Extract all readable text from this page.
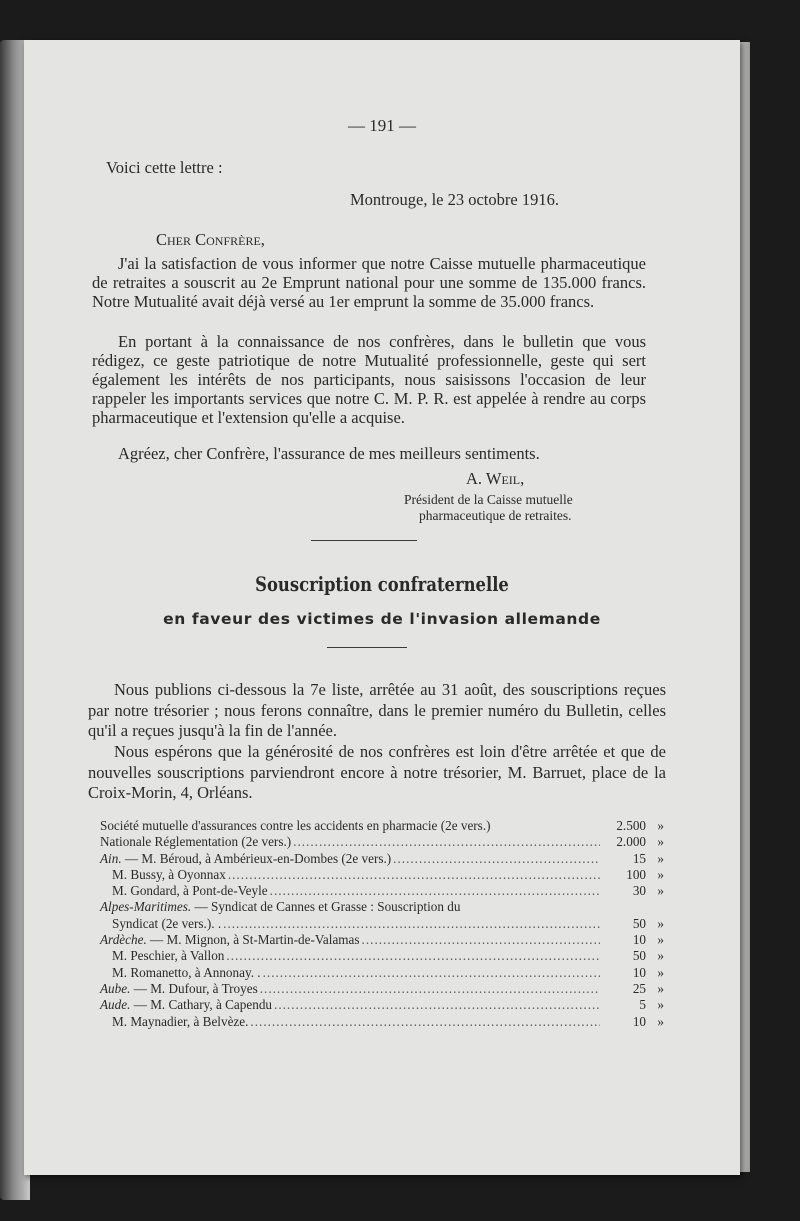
— 191 —
Voici cette lettre :
Montrouge, le 23 octobre 1916.
Cher Confrère,
J'ai la satisfaction de vous informer que notre Caisse mutuelle pharmaceutique de retraites a souscrit au 2e Emprunt national pour une somme de 135.000 francs. Notre Mutualité avait déjà versé au 1er emprunt la somme de 35.000 francs.
En portant à la connaissance de nos confrères, dans le bulletin que vous rédigez, ce geste patriotique de notre Mutualité professionnelle, geste qui sert également les intérêts de nos participants, nous saisissons l'occasion de leur rappeler les importants services que notre C. M. P. R. est appelée à rendre au corps pharmaceutique et l'extension qu'elle a acquise.
Agréez, cher Confrère, l'assurance de mes meilleurs sentiments.
A. Weil,
Président de la Caisse mutuelle
pharmaceutique de retraites.
Souscription confraternelle
en faveur des victimes de l'invasion allemande
Nous publions ci-dessous la 7e liste, arrêtée au 31 août, des souscriptions reçues par notre trésorier ; nous ferons connaître, dans le premier numéro du Bulletin, celles qu'il a reçues jusqu'à la fin de l'année.
Nous espérons que la générosité de nos confrères est loin d'être arrêtée et que de nouvelles souscriptions parviendront encore à notre trésorier, M. Barruet, place de la Croix-Morin, 4, Orléans.
Société mutuelle d'assurances contre les accidents en pharmacie (2e vers.)	2.500 »
Nationale Réglementation (2e vers.) .....	2.000 »
Ain. — M. Béroud, à Ambérieux-en-Dombes (2e vers.) .....	15 »
M. Bussy, à Oyonnax .....	100 »
M. Gondard, à Pont-de-Veyle .....	30 »
Alpes-Maritimes. — Syndicat de Cannes et Grasse : Souscription du
Syndicat (2e vers.). . .....	50 »
Ardèche. — M. Mignon, à St-Martin-de-Valamas .....	10 »
M. Peschier, à Vallon .....	50 »
M. Romanetto, à Annonay. . .....	10 »
Aube. — M. Dufour, à Troyes .....	25 »
Aude. — M. Cathary, à Capendu .....	5 »
M. Maynadier, à Belvèze. .....	10 »
